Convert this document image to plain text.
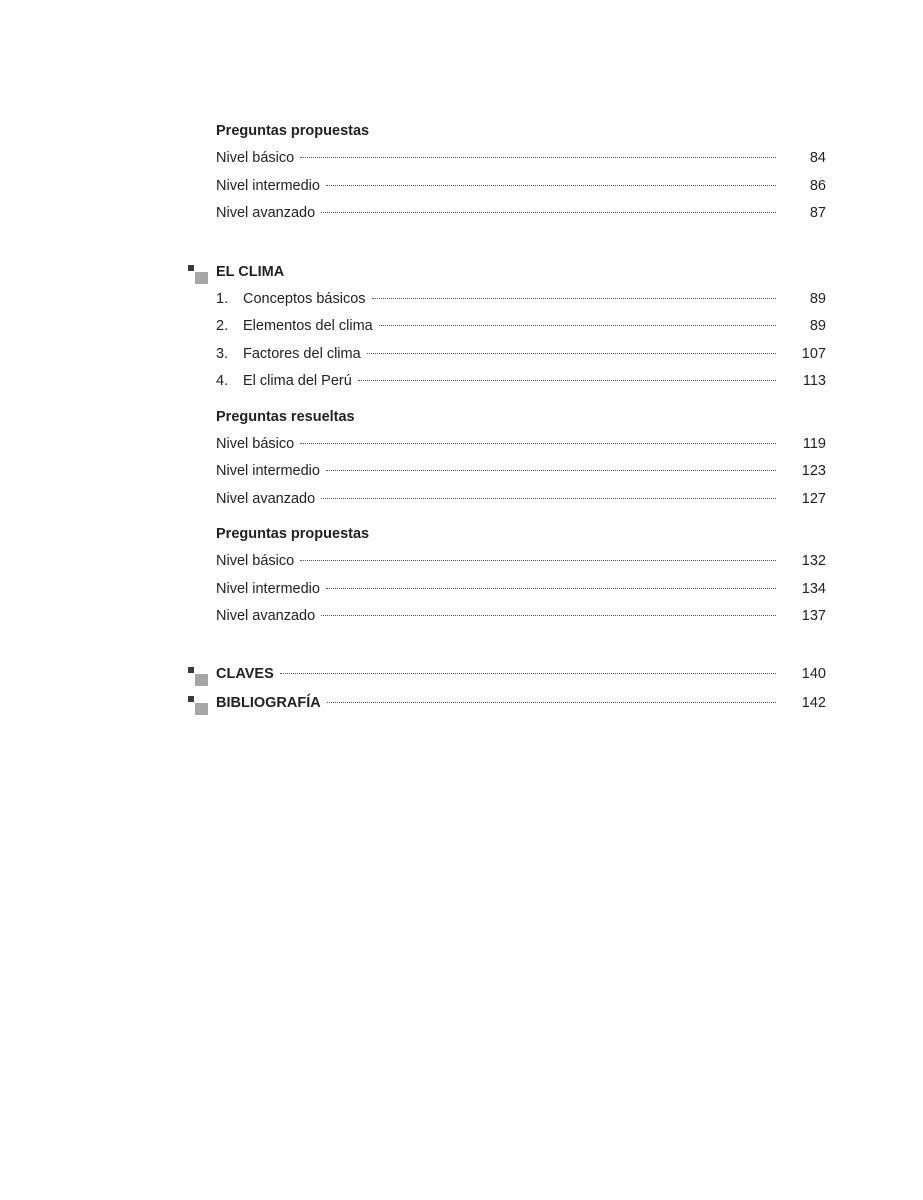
Preguntas propuestas
Nivel básico	84
Nivel intermedio	86
Nivel avanzado	87
EL CLIMA
1.	Conceptos básicos	89
2.	Elementos del clima	89
3.	Factores del clima	107
4.	El clima del Perú	113
Preguntas resueltas
Nivel básico	119
Nivel intermedio	123
Nivel avanzado	127
Preguntas propuestas
Nivel básico	132
Nivel intermedio	134
Nivel avanzado	137
CLAVES	140
BIBLIOGRAFÍA	142
